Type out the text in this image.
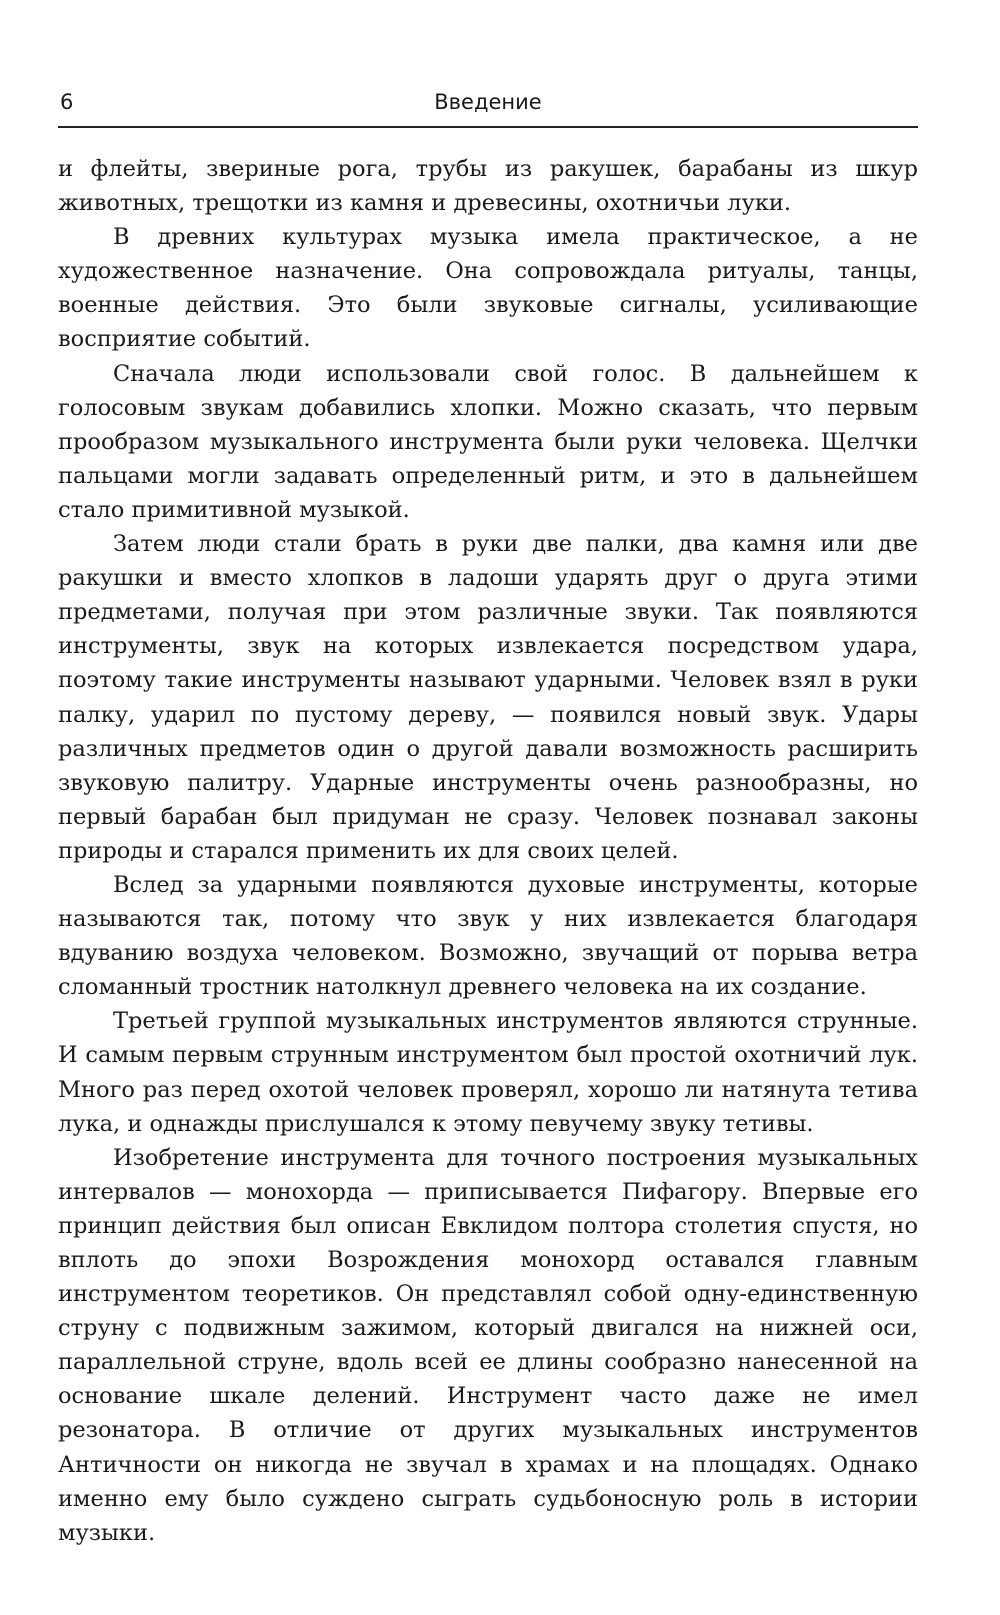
6	Введение

и флейты, звериные рога, трубы из ракушек, барабаны из шкур животных, трещотки из камня и древесины, охотничьи луки.

В древних культурах музыка имела практическое, а не художественное назначение. Она сопровождала ритуалы, танцы, военные действия. Это были звуковые сигналы, усиливающие восприятие событий.

Сначала люди использовали свой голос. В дальнейшем к голосовым звукам добавились хлопки. Можно сказать, что первым прообразом музыкального инструмента были руки человека. Щелчки пальцами могли задавать определенный ритм, и это в дальнейшем стало примитивной музыкой.

Затем люди стали брать в руки две палки, два камня или две ракушки и вместо хлопков в ладоши ударять друг о друга этими предметами, получая при этом различные звуки. Так появляются инструменты, звук на которых извлекается посредством удара, поэтому такие инструменты называют ударными. Человек взял в руки палку, ударил по пустому дереву, — появился новый звук. Удары различных предметов один о другой давали возможность расширить звуковую палитру. Ударные инструменты очень разнообразны, но первый барабан был придуман не сразу. Человек познавал законы природы и старался применить их для своих целей.

Вслед за ударными появляются духовые инструменты, которые называются так, потому что звук у них извлекается благодаря вдуванию воздуха человеком. Возможно, звучащий от порыва ветра сломанный тростник натолкнул древнего человека на их создание.

Третьей группой музыкальных инструментов являются струнные. И самым первым струнным инструментом был простой охотничий лук. Много раз перед охотой человек проверял, хорошо ли натянута тетива лука, и однажды прислушался к этому певучему звуку тетивы.

Изобретение инструмента для точного построения музыкальных интервалов — монохорда — приписывается Пифагору. Впервые его принцип действия был описан Евклидом полтора столетия спустя, но вплоть до эпохи Возрождения монохорд оставался главным инструментом теоретиков. Он представлял собой одну-единственную струну с подвижным зажимом, который двигался на нижней оси, параллельной струне, вдоль всей ее длины сообразно нанесенной на основание шкале делений. Инструмент часто даже не имел резонатора. В отличие от других музыкальных инструментов Античности он никогда не звучал в храмах и на площадях. Однако именно ему было суждено сыграть судьбоносную роль в истории музыки.
